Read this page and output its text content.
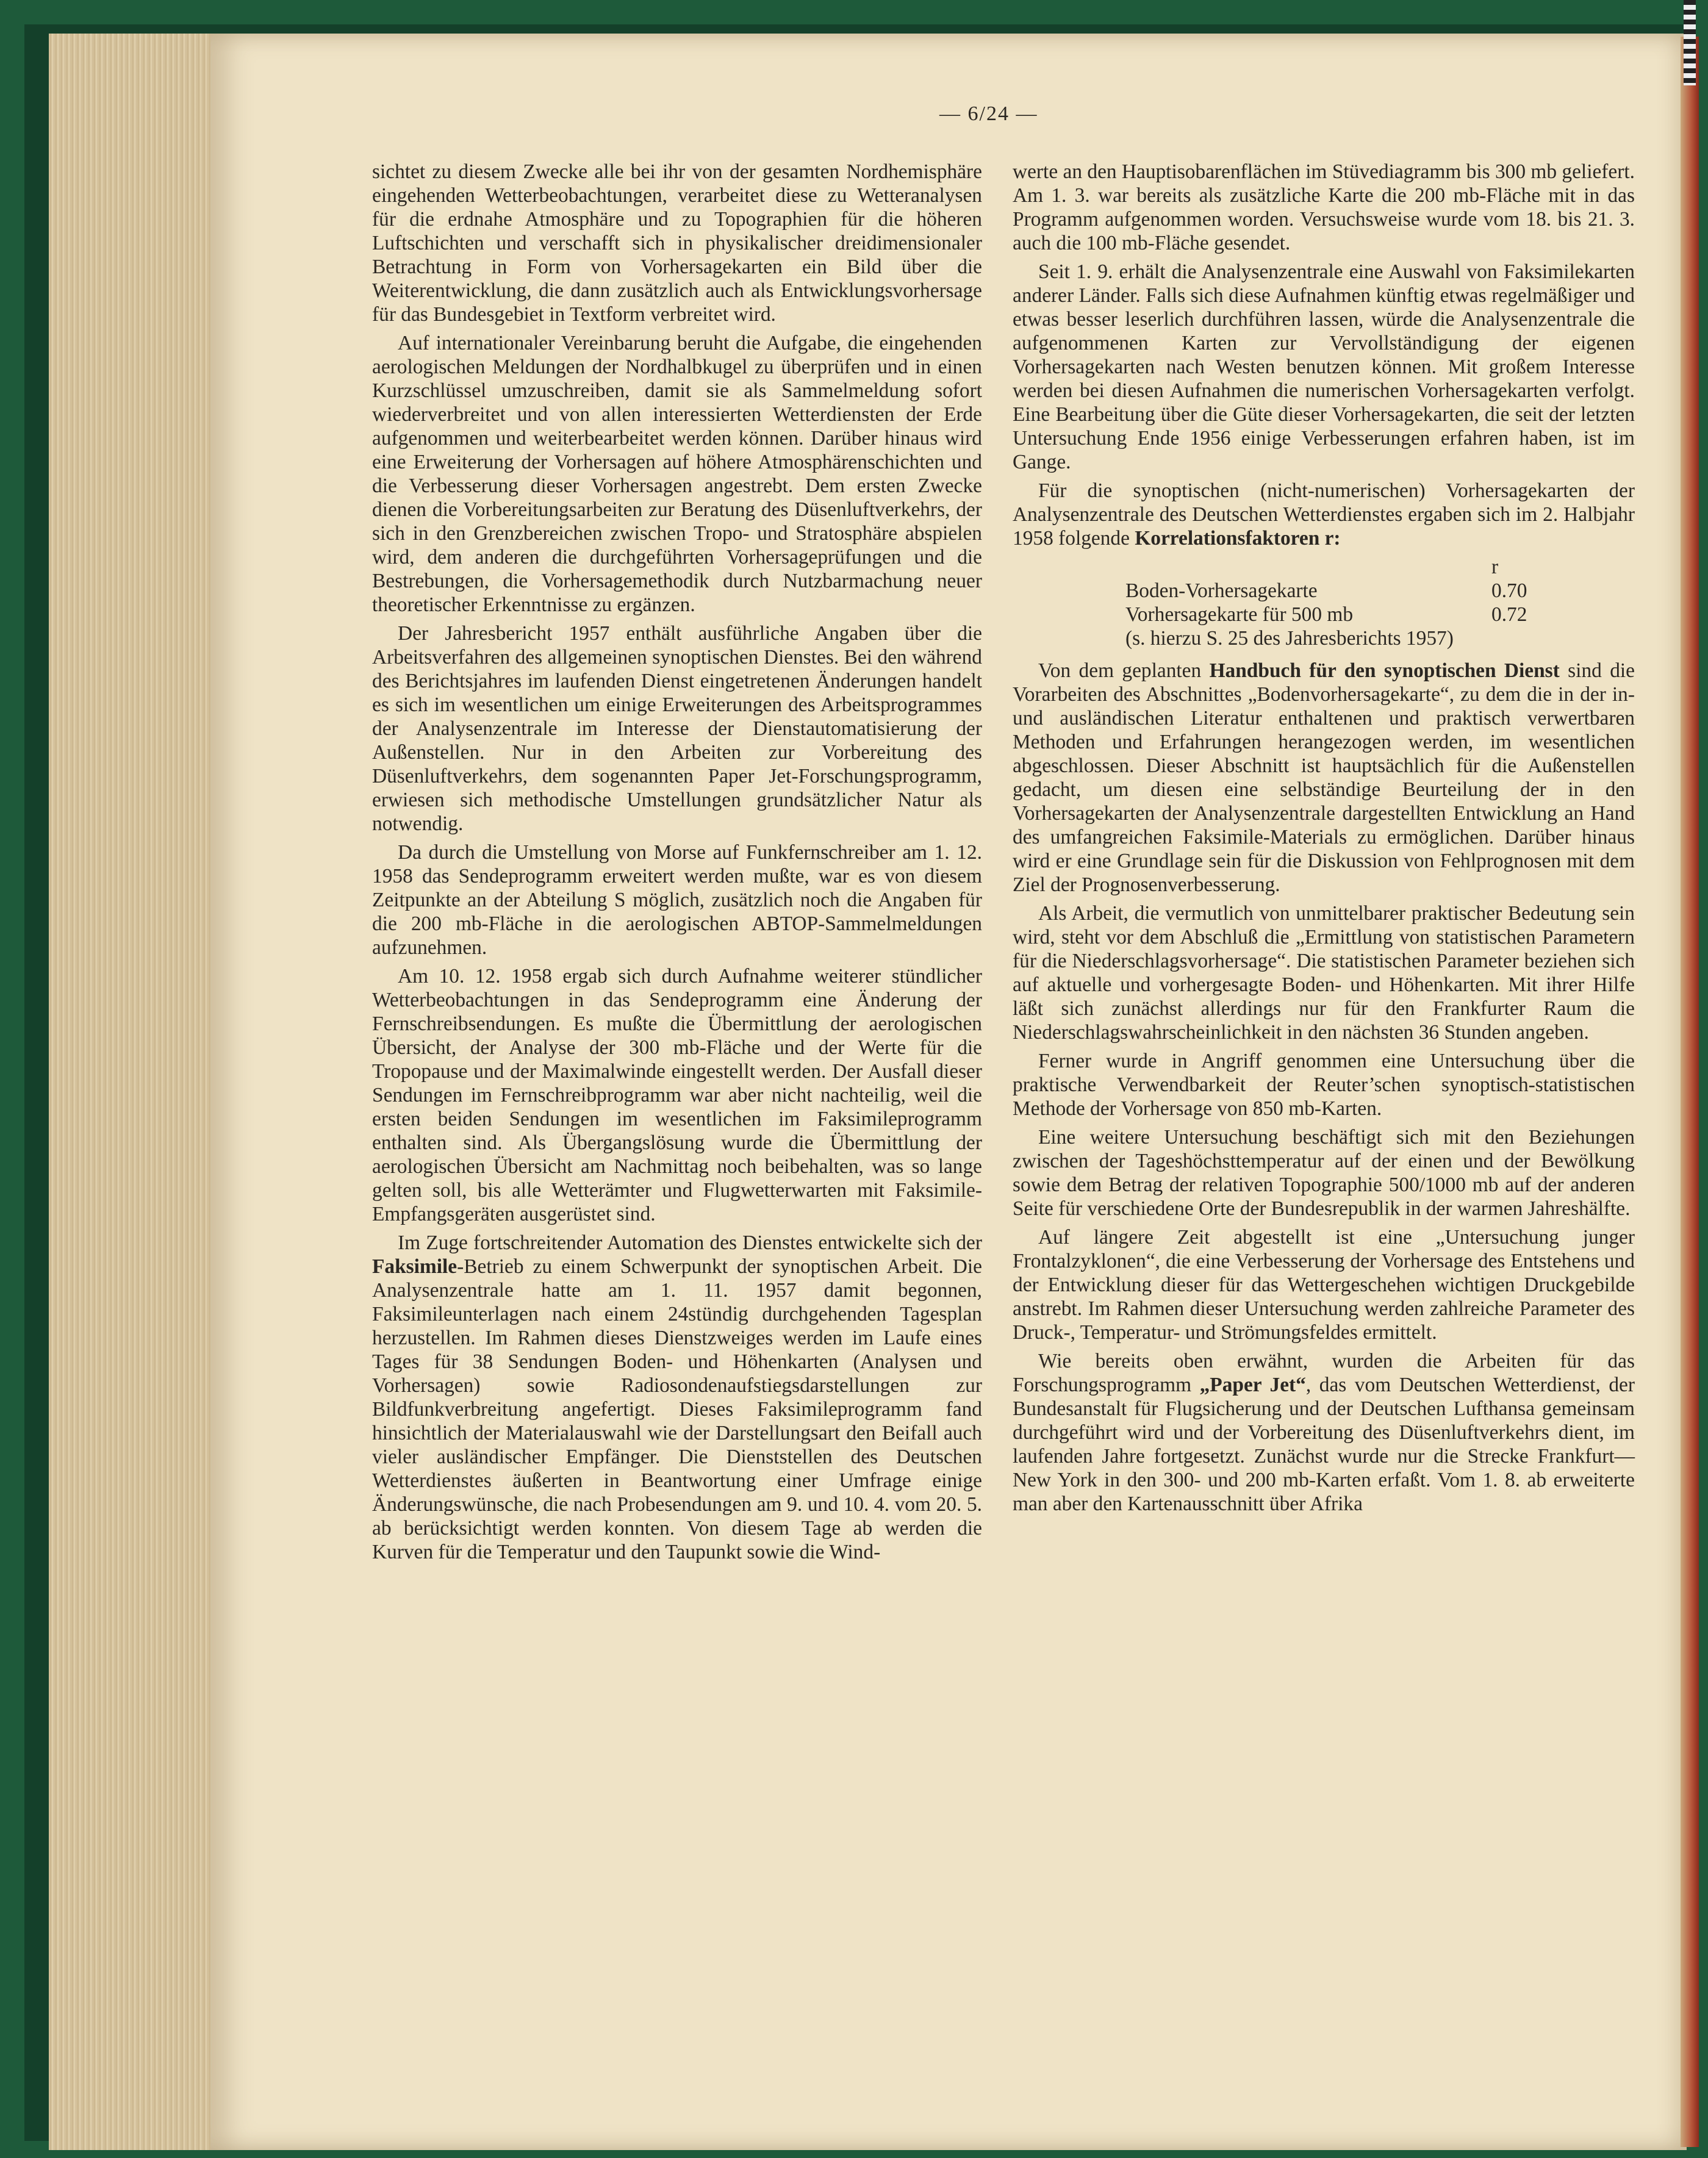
— 6/24 —

sichtet zu diesem Zwecke alle bei ihr von der gesamten Nordhemisphäre eingehenden Wetterbeobachtungen, verarbeitet diese zu Wetteranalysen für die erdnahe Atmosphäre und zu Topographien für die höheren Luftschichten und verschafft sich in physikalischer dreidimensionaler Betrachtung in Form von Vorhersagekarten ein Bild über die Weiterentwicklung, die dann zusätzlich auch als Entwicklungsvorhersage für das Bundesgebiet in Textform verbreitet wird.

Auf internationaler Vereinbarung beruht die Aufgabe, die eingehenden aerologischen Meldungen der Nordhalbkugel zu überprüfen und in einen Kurzschlüssel umzuschreiben, damit sie als Sammelmeldung sofort wiederverbreitet und von allen interessierten Wetterdiensten der Erde aufgenommen und weiterbearbeitet werden können. Darüber hinaus wird eine Erweiterung der Vorhersagen auf höhere Atmosphärenschichten und die Verbesserung dieser Vorhersagen angestrebt. Dem ersten Zwecke dienen die Vorbereitungsarbeiten zur Beratung des Düsenluftverkehrs, der sich in den Grenzbereichen zwischen Tropo- und Stratosphäre abspielen wird, dem anderen die durchgeführten Vorhersageprüfungen und die Bestrebungen, die Vorhersagemethodik durch Nutzbarmachung neuer theoretischer Erkenntnisse zu ergänzen.

Der Jahresbericht 1957 enthält ausführliche Angaben über die Arbeitsverfahren des allgemeinen synoptischen Dienstes. Bei den während des Berichtsjahres im laufenden Dienst eingetretenen Änderungen handelt es sich im wesentlichen um einige Erweiterungen des Arbeitsprogrammes der Analysenzentrale im Interesse der Dienstautomatisierung der Außenstellen. Nur in den Arbeiten zur Vorbereitung des Düsenluftverkehrs, dem sogenannten Paper Jet-Forschungsprogramm, erwiesen sich methodische Umstellungen grundsätzlicher Natur als notwendig.

Da durch die Umstellung von Morse auf Funkfernschreiber am 1. 12. 1958 das Sendeprogramm erweitert werden mußte, war es von diesem Zeitpunkte an der Abteilung S möglich, zusätzlich noch die Angaben für die 200 mb-Fläche in die aerologischen ABTOP-Sammelmeldungen aufzunehmen.

Am 10. 12. 1958 ergab sich durch Aufnahme weiterer stündlicher Wetterbeobachtungen in das Sendeprogramm eine Änderung der Fernschreibsendungen. Es mußte die Übermittlung der aerologischen Übersicht, der Analyse der 300 mb-Fläche und der Werte für die Tropopause und der Maximalwinde eingestellt werden. Der Ausfall dieser Sendungen im Fernschreibprogramm war aber nicht nachteilig, weil die ersten beiden Sendungen im wesentlichen im Faksimileprogramm enthalten sind. Als Übergangslösung wurde die Übermittlung der aerologischen Übersicht am Nachmittag noch beibehalten, was so lange gelten soll, bis alle Wetterämter und Flugwetterwarten mit Faksimile-Empfangsgeräten ausgerüstet sind.

Im Zuge fortschreitender Automation des Dienstes entwickelte sich der Faksimile-Betrieb zu einem Schwerpunkt der synoptischen Arbeit. Die Analysenzentrale hatte am 1. 11. 1957 damit begonnen, Faksimileunterlagen nach einem 24stündig durchgehenden Tagesplan herzustellen. Im Rahmen dieses Dienstzweiges werden im Laufe eines Tages für 38 Sendungen Boden- und Höhenkarten (Analysen und Vorhersagen) sowie Radiosondenaufstiegsdarstellungen zur Bildfunkverbreitung angefertigt. Dieses Faksimileprogramm fand hinsichtlich der Materialauswahl wie der Darstellungsart den Beifall auch vieler ausländischer Empfänger. Die Dienststellen des Deutschen Wetterdienstes äußerten in Beantwortung einer Umfrage einige Änderungswünsche, die nach Probesendungen am 9. und 10. 4. vom 20. 5. ab berücksichtigt werden konnten. Von diesem Tage ab werden die Kurven für die Temperatur und den Taupunkt sowie die Wind-

werte an den Hauptisobarenflächen im Stüvediagramm bis 300 mb geliefert. Am 1. 3. war bereits als zusätzliche Karte die 200 mb-Fläche mit in das Programm aufgenommen worden. Versuchsweise wurde vom 18. bis 21. 3. auch die 100 mb-Fläche gesendet.

Seit 1. 9. erhält die Analysenzentrale eine Auswahl von Faksimilekarten anderer Länder. Falls sich diese Aufnahmen künftig etwas regelmäßiger und etwas besser leserlich durchführen lassen, würde die Analysenzentrale die aufgenommenen Karten zur Vervollständigung der eigenen Vorhersagekarten nach Westen benutzen können. Mit großem Interesse werden bei diesen Aufnahmen die numerischen Vorhersagekarten verfolgt. Eine Bearbeitung über die Güte dieser Vorhersagekarten, die seit der letzten Untersuchung Ende 1956 einige Verbesserungen erfahren haben, ist im Gange.

Für die synoptischen (nicht-numerischen) Vorhersagekarten der Analysenzentrale des Deutschen Wetterdienstes ergaben sich im 2. Halbjahr 1958 folgende Korrelationsfaktoren r:

r
Boden-Vorhersagekarte	0.70
Vorhersagekarte für 500 mb	0.72
(s. hierzu S. 25 des Jahresberichts 1957)

Von dem geplanten Handbuch für den synoptischen Dienst sind die Vorarbeiten des Abschnittes „Bodenvorhersagekarte“, zu dem die in der in- und ausländischen Literatur enthaltenen und praktisch verwertbaren Methoden und Erfahrungen herangezogen werden, im wesentlichen abgeschlossen. Dieser Abschnitt ist hauptsächlich für die Außenstellen gedacht, um diesen eine selbständige Beurteilung der in den Vorhersagekarten der Analysenzentrale dargestellten Entwicklung an Hand des umfangreichen Faksimile-Materials zu ermöglichen. Darüber hinaus wird er eine Grundlage sein für die Diskussion von Fehlprognosen mit dem Ziel der Prognosenverbesserung.

Als Arbeit, die vermutlich von unmittelbarer praktischer Bedeutung sein wird, steht vor dem Abschluß die „Ermittlung von statistischen Parametern für die Niederschlagsvorhersage“. Die statistischen Parameter beziehen sich auf aktuelle und vorhergesagte Boden- und Höhenkarten. Mit ihrer Hilfe läßt sich zunächst allerdings nur für den Frankfurter Raum die Niederschlagswahrscheinlichkeit in den nächsten 36 Stunden angeben.

Ferner wurde in Angriff genommen eine Untersuchung über die praktische Verwendbarkeit der Reuter’schen synoptisch-statistischen Methode der Vorhersage von 850 mb-Karten.

Eine weitere Untersuchung beschäftigt sich mit den Beziehungen zwischen der Tageshöchsttemperatur auf der einen und der Bewölkung sowie dem Betrag der relativen Topographie 500/1000 mb auf der anderen Seite für verschiedene Orte der Bundesrepublik in der warmen Jahreshälfte.

Auf längere Zeit abgestellt ist eine „Untersuchung junger Frontalzyklonen“, die eine Verbesserung der Vorhersage des Entstehens und der Entwicklung dieser für das Wettergeschehen wichtigen Druckgebilde anstrebt. Im Rahmen dieser Untersuchung werden zahlreiche Parameter des Druck-, Temperatur- und Strömungsfeldes ermittelt.

Wie bereits oben erwähnt, wurden die Arbeiten für das Forschungsprogramm „Paper Jet“, das vom Deutschen Wetterdienst, der Bundesanstalt für Flugsicherung und der Deutschen Lufthansa gemeinsam durchgeführt wird und der Vorbereitung des Düsenluftverkehrs dient, im laufenden Jahre fortgesetzt. Zunächst wurde nur die Strecke Frankfurt—New York in den 300- und 200 mb-Karten erfaßt. Vom 1. 8. ab erweiterte man aber den Kartenausschnitt über Afrika
